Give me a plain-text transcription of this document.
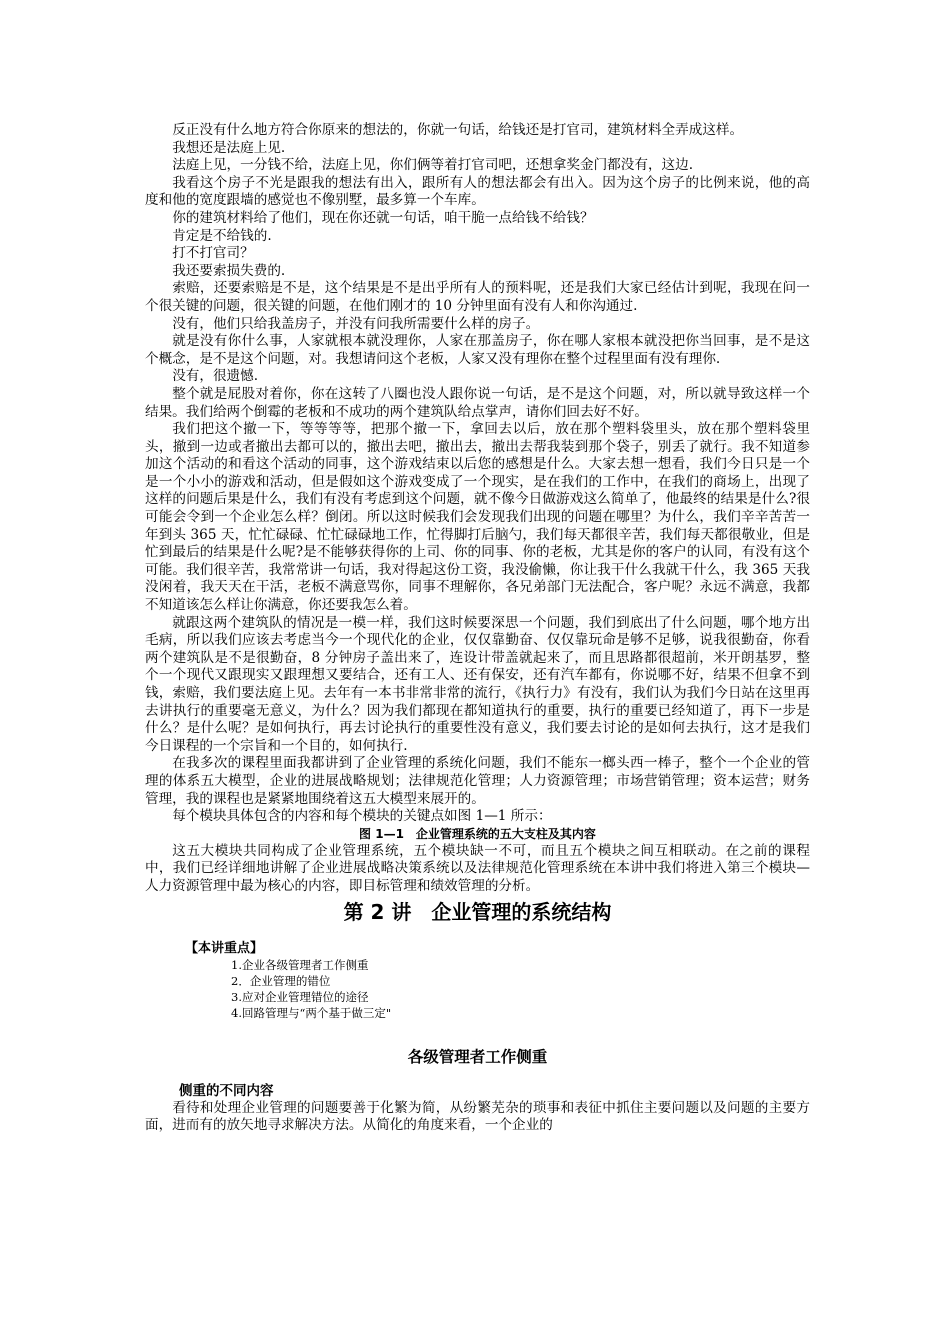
反正没有什么地方符合你原来的想法的，你就一句话，给钱还是打官司，建筑材料全弄成这样。

我想还是法庭上见.

法庭上见，一分钱不给，法庭上见，你们俩等着打官司吧，还想拿奖金门都没有，这边.

我看这个房子不光是跟我的想法有出入，跟所有人的想法都会有出入。因为这个房子的比例来说，他的高度和他的宽度跟墙的感觉也不像别墅，最多算一个车库。

你的建筑材料给了他们，现在你还就一句话，咱干脆一点给钱不给钱？

肯定是不给钱的.

打不打官司？

我还要索损失费的.

索赔，还要索赔是不是，这个结果是不是出乎所有人的预料呢，还是我们大家已经估计到呢，我现在问一个很关键的问题，很关键的问题，在他们刚才的 10 分钟里面有没有人和你沟通过.

没有，他们只给我盖房子，并没有问我所需要什么样的房子。

就是没有你什么事，人家就根本就没理你，人家在那盖房子，你在哪人家根本就没把你当回事，是不是这个概念，是不是这个问题，对。我想请问这个老板，人家又没有理你在整个过程里面有没有理你.

没有，很遗憾.

整个就是屁股对着你，你在这转了八圈也没人跟你说一句话，是不是这个问题，对，所以就导致这样一个结果。我们给两个倒霉的老板和不成功的两个建筑队给点掌声，请你们回去好不好。

我们把这个撤一下，等等等等，把那个撤一下，拿回去以后，放在那个塑料袋里头，放在那个塑料袋里头，撤到一边或者撤出去都可以的，撤出去吧，撤出去，撤出去帮我装到那个袋子，别丢了就行。我不知道参加这个活动的和看这个活动的同事，这个游戏结束以后您的感想是什么。大家去想一想看，我们今日只是一个是一个小小的游戏和活动，但是假如这个游戏变成了一个现实，是在我们的工作中，在我们的商场上，出现了这样的问题后果是什么，我们有没有考虑到这个问题，就不像今日做游戏这么简单了，他最终的结果是什么?很可能会令到一个企业怎么样？倒闭。所以这时候我们会发现我们出现的问题在哪里？为什么，我们辛辛苦苦一年到头 365 天，忙忙碌碌、忙忙碌碌地工作，忙得脚打后脑勺，我们每天都很辛苦，我们每天都很敬业，但是忙到最后的结果是什么呢?是不能够获得你的上司、你的同事、你的老板，尤其是你的客户的认同，有没有这个可能。我们很辛苦，我常常讲一句话，我对得起这份工资，我没偷懒，你让我干什么我就干什么，我 365 天我没闲着，我天天在干活，老板不满意骂你，同事不理解你，各兄弟部门无法配合，客户呢？永远不满意，我都不知道该怎么样让你满意，你还要我怎么着。

就跟这两个建筑队的情况是一模一样，我们这时候要深思一个问题，我们到底出了什么问题，哪个地方出毛病，所以我们应该去考虑当今一个现代化的企业，仅仅靠勤奋、仅仅靠玩命是够不足够，说我很勤奋，你看两个建筑队是不是很勤奋，8 分钟房子盖出来了，连设计带盖就起来了，而且思路都很超前，米开朗基罗，整个一个现代又跟现实又跟理想又要结合，还有工人、还有保安，还有汽车都有，你说哪不好，结果不但拿不到钱，索赔，我们要法庭上见。去年有一本书非常非常的流行，《执行力》有没有，我们认为我们今日站在这里再去讲执行的重要毫无意义，为什么？因为我们都现在都知道执行的重要，执行的重要已经知道了，再下一步是什么？是什么呢？是如何执行，再去讨论执行的重要性没有意义，我们要去讨论的是如何去执行，这才是我们今日课程的一个宗旨和一个目的，如何执行.

在我多次的课程里面我都讲到了企业管理的系统化问题，我们不能东一榔头西一棒子，整个一个企业的管理的体系五大模型，企业的进展战略规划；法律规范化管理；人力资源管理；市场营销管理；资本运营；财务管理，我的课程也是紧紧地围绕着这五大模型来展开的。

每个模块具体包含的内容和每个模块的关键点如图 1—1 所示：

图 1—1　企业管理系统的五大支柱及其内容

这五大模块共同构成了企业管理系统，五个模块缺一不可，而且五个模块之间互相联动。在之前的课程中，我们已经详细地讲解了企业进展战略决策系统以及法律规范化管理系统在本讲中我们将进入第三个模块—人力资源管理中最为核心的内容，即目标管理和绩效管理的分析。

第 2 讲　企业管理的系统结构
【本讲重点】
1.企业各级管理者工作侧重
2．企业管理的错位
3.应对企业管理错位的途径
4.回路管理与“两个基于做三定"
各级管理者工作侧重
侧重的不同内容

看待和处理企业管理的问题要善于化繁为简，从纷繁芜杂的琐事和表征中抓住主要问题以及问题的主要方面，进而有的放矢地寻求解决方法。从简化的角度来看，一个企业的
